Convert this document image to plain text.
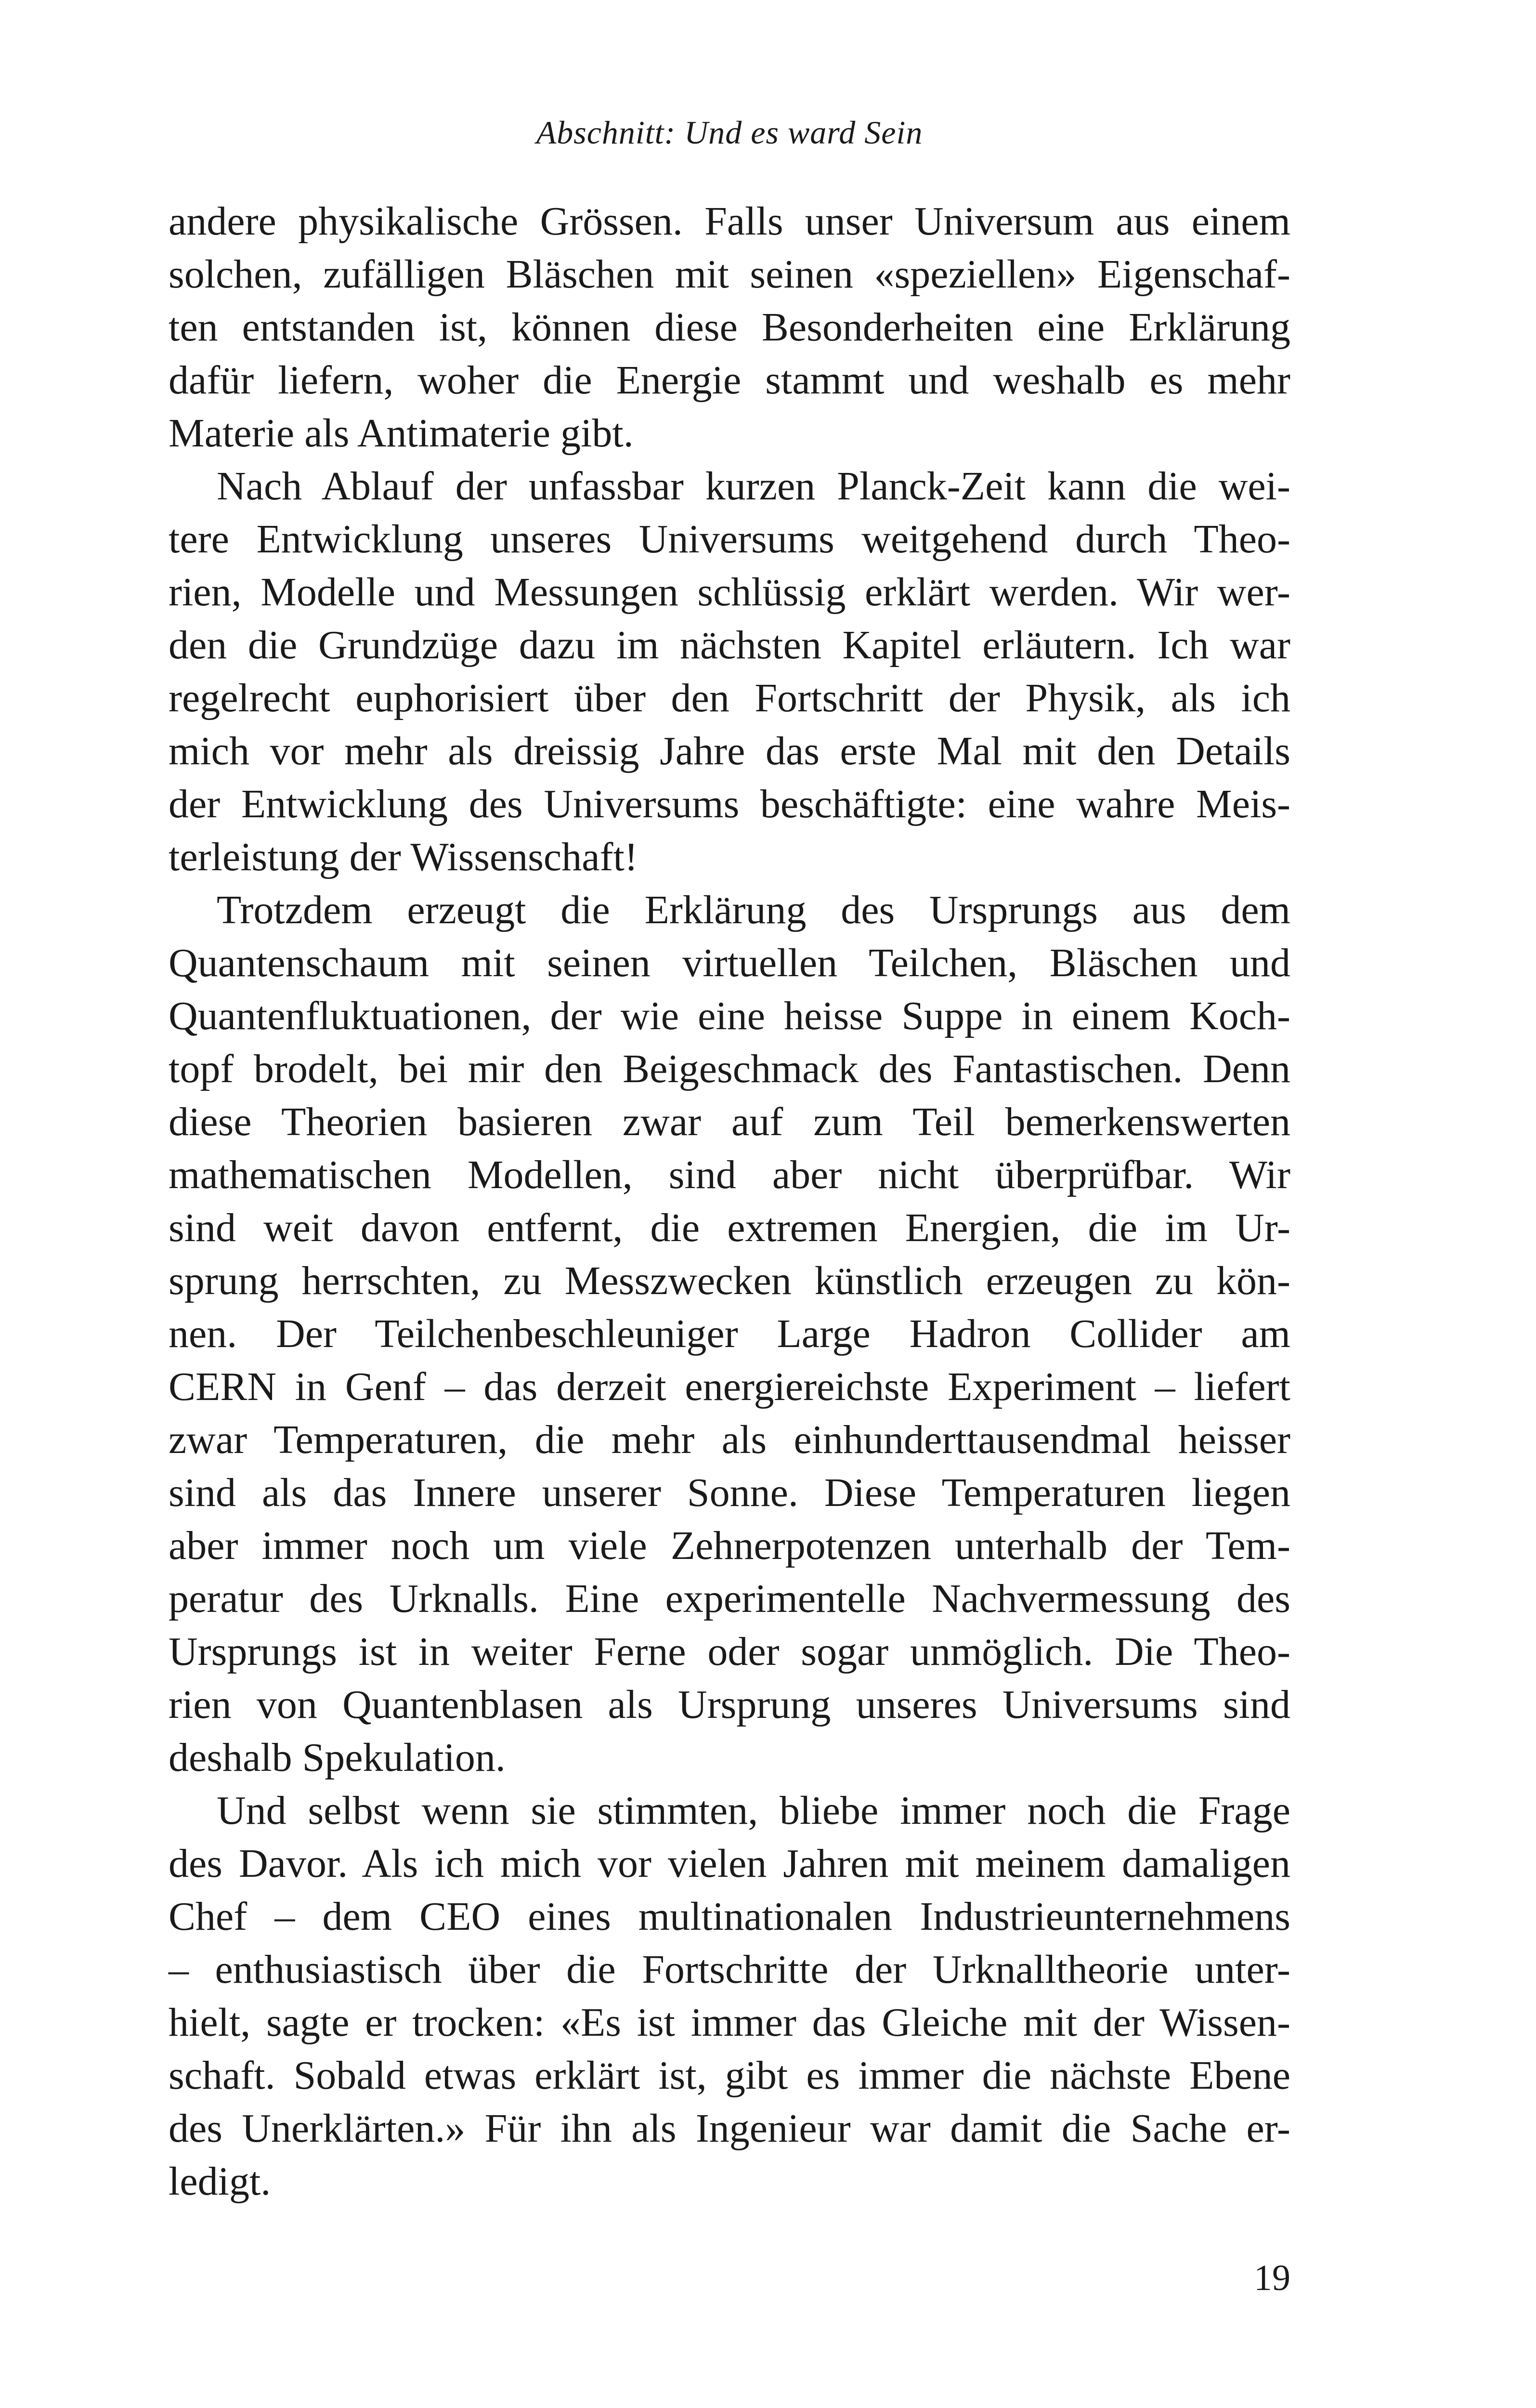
Abschnitt: Und es ward Sein
andere physikalische Grössen. Falls unser Universum aus einem
solchen, zufälligen Bläschen mit seinen «speziellen» Eigenschaf-
ten entstanden ist, können diese Besonderheiten eine Erklärung
dafür liefern, woher die Energie stammt und weshalb es mehr
Materie als Antimaterie gibt.
Nach Ablauf der unfassbar kurzen Planck-Zeit kann die wei-
tere Entwicklung unseres Universums weitgehend durch Theo-
rien, Modelle und Messungen schlüssig erklärt werden. Wir wer-
den die Grundzüge dazu im nächsten Kapitel erläutern. Ich war
regelrecht euphorisiert über den Fortschritt der Physik, als ich
mich vor mehr als dreissig Jahre das erste Mal mit den Details
der Entwicklung des Universums beschäftigte: eine wahre Meis-
terleistung der Wissenschaft!
Trotzdem erzeugt die Erklärung des Ursprungs aus dem
Quantenschaum mit seinen virtuellen Teilchen, Bläschen und
Quantenfluktuationen, der wie eine heisse Suppe in einem Koch-
topf brodelt, bei mir den Beigeschmack des Fantastischen. Denn
diese Theorien basieren zwar auf zum Teil bemerkenswerten
mathematischen Modellen, sind aber nicht überprüfbar. Wir
sind weit davon entfernt, die extremen Energien, die im Ur-
sprung herrschten, zu Messzwecken künstlich erzeugen zu kön-
nen. Der Teilchenbeschleuniger Large Hadron Collider am
CERN in Genf – das derzeit energiereichste Experiment – liefert
zwar Temperaturen, die mehr als einhunderttausendmal heisser
sind als das Innere unserer Sonne. Diese Temperaturen liegen
aber immer noch um viele Zehnerpotenzen unterhalb der Tem-
peratur des Urknalls. Eine experimentelle Nachvermessung des
Ursprungs ist in weiter Ferne oder sogar unmöglich. Die Theo-
rien von Quantenblasen als Ursprung unseres Universums sind
deshalb Spekulation.
Und selbst wenn sie stimmten, bliebe immer noch die Frage
des Davor. Als ich mich vor vielen Jahren mit meinem damaligen
Chef – dem CEO eines multinationalen Industrieunternehmens
– enthusiastisch über die Fortschritte der Urknalltheorie unter-
hielt, sagte er trocken: «Es ist immer das Gleiche mit der Wissen-
schaft. Sobald etwas erklärt ist, gibt es immer die nächste Ebene
des Unerklärten.» Für ihn als Ingenieur war damit die Sache er-
ledigt.
19
